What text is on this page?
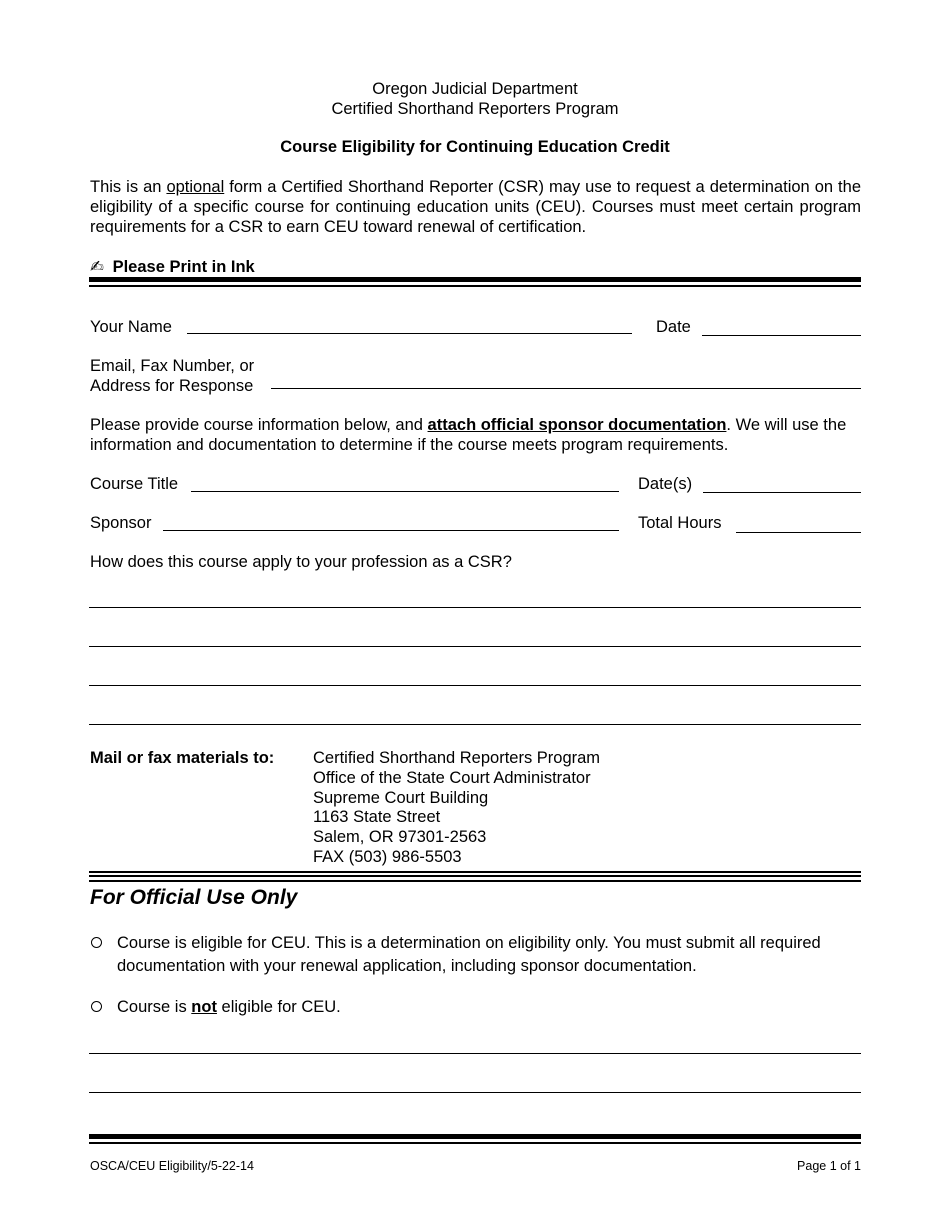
Oregon Judicial Department
Certified Shorthand Reporters Program
Course Eligibility for Continuing Education Credit
This is an optional form a Certified Shorthand Reporter (CSR) may use to request a determination on the eligibility of a specific course for continuing education units (CEU). Courses must meet certain program requirements for a CSR to earn CEU toward renewal of certification.
✍ Please Print in Ink
Your Name	Date
Email, Fax Number, or
Address for Response
Please provide course information below, and attach official sponsor documentation. We will use the information and documentation to determine if the course meets program requirements.
Course Title	Date(s)
Sponsor	Total Hours
How does this course apply to your profession as a CSR?
Mail or fax materials to: Certified Shorthand Reporters Program
Office of the State Court Administrator
Supreme Court Building
1163 State Street
Salem, OR 97301-2563
FAX (503) 986-5503
For Official Use Only
Course is eligible for CEU. This is a determination on eligibility only. You must submit all required
documentation with your renewal application, including sponsor documentation.
Course is not eligible for CEU.
OSCA/CEU Eligibility/5-22-14	Page 1 of 1
